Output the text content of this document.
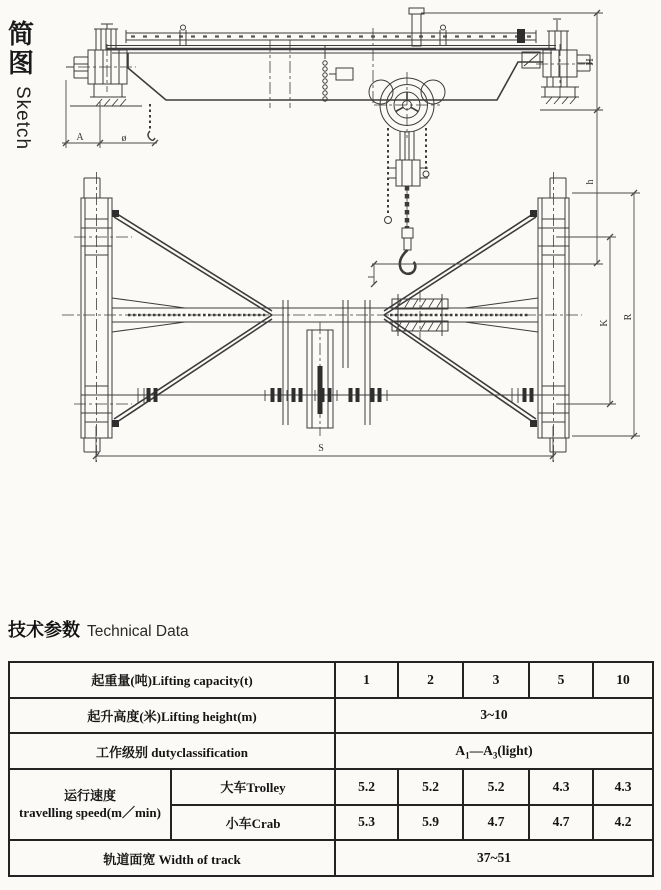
简图
Sketch	A	ø
H
h
S
K
R
技术参数 Technical Data
起重量(吨)Lifting capacity(t)		1	2	3	5	10
起升高度(米)Lifting height(m)		3~10				
工作级别 dutyclassification		$A_1—A_3(light)$				

运行速度
travelling speed(m／min)	大车Trolley	5.2	5.2	5.2	4.3	4.3
	小车Crab	5.3	5.9	4.7	4.7	4.2
轨道面宽 Width of track		37~51				
